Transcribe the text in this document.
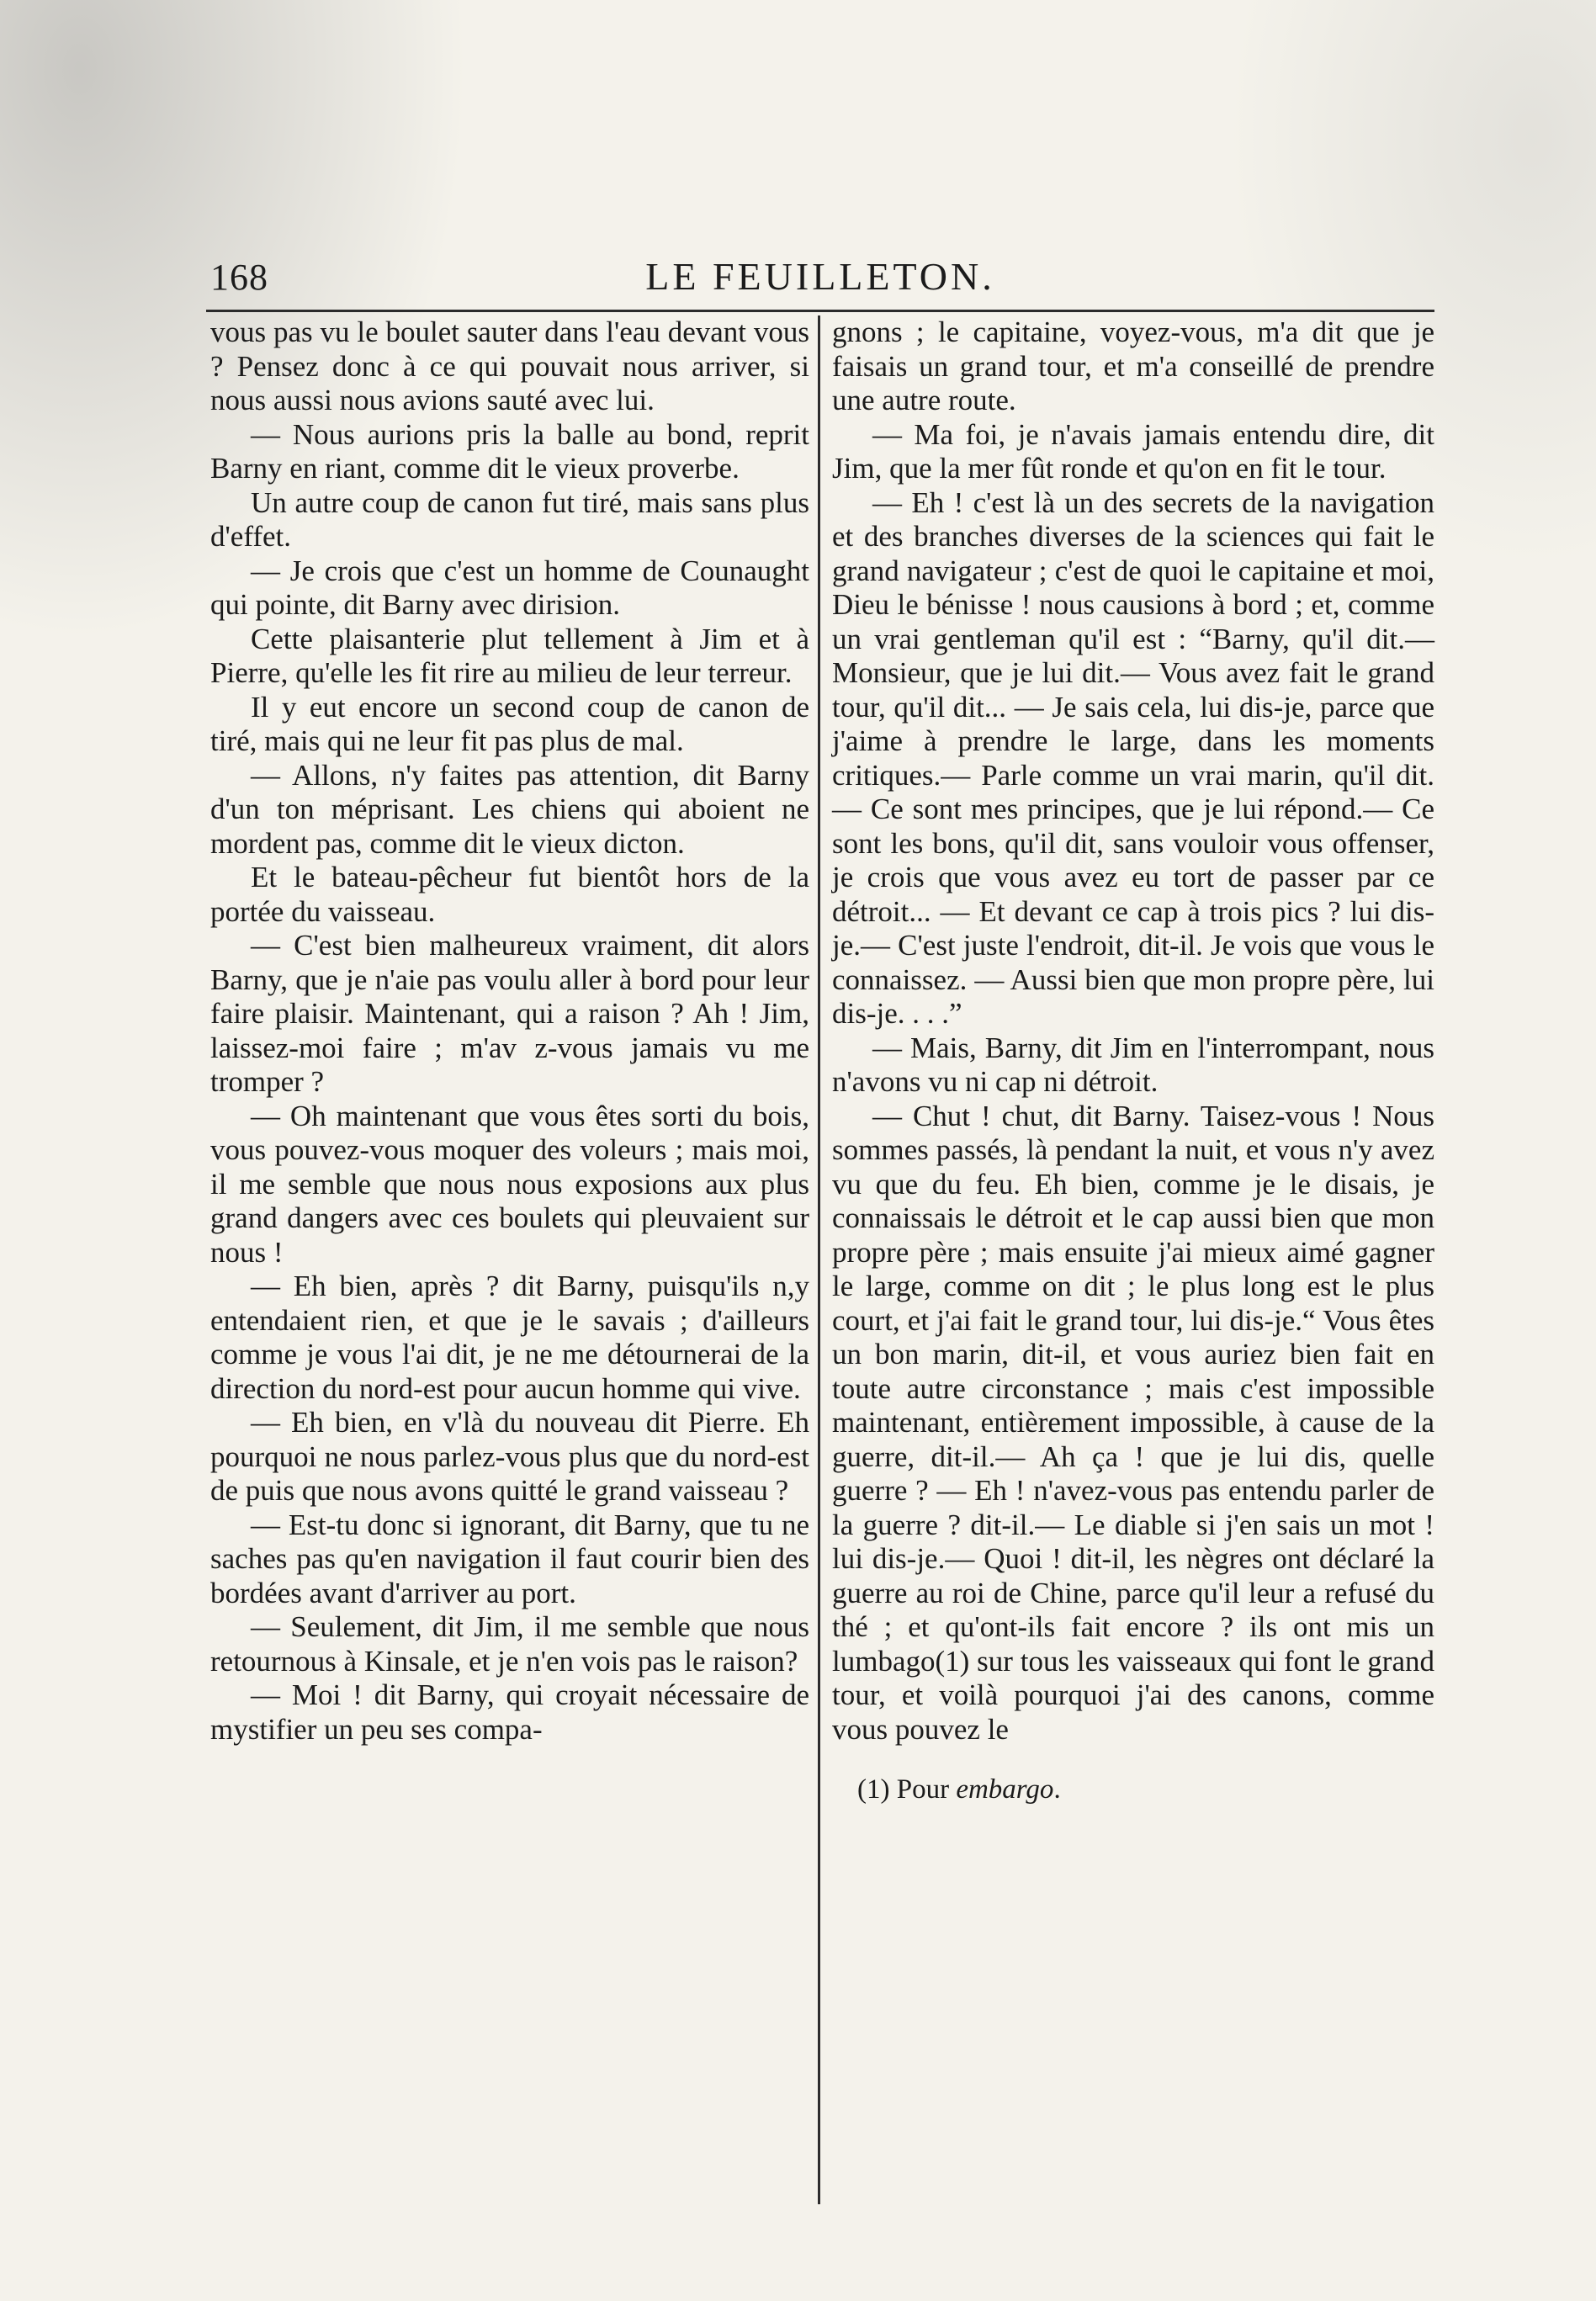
168	LE FEUILLETON.

vous pas vu le boulet sauter dans l'eau devant vous ? Pensez donc à ce qui pouvait nous arriver, si nous aussi nous avions sauté avec lui.

— Nous aurions pris la balle au bond, reprit Barny en riant, comme dit le vieux proverbe.

Un autre coup de canon fut tiré, mais sans plus d'effet.

— Je crois que c'est un homme de Counaught qui pointe, dit Barny avec dirision.

Cette plaisanterie plut tellement à Jim et à Pierre, qu'elle les fit rire au milieu de leur terreur.

Il y eut encore un second coup de canon de tiré, mais qui ne leur fit pas plus de mal.

— Allons, n'y faites pas attention, dit Barny d'un ton méprisant. Les chiens qui aboient ne mordent pas, comme dit le vieux dicton.

Et le bateau-pêcheur fut bientôt hors de la portée du vaisseau.

— C'est bien malheureux vraiment, dit alors Barny, que je n'aie pas voulu aller à bord pour leur faire plaisir. Maintenant, qui a raison ? Ah ! Jim, laissez-moi faire ; m'av z-vous jamais vu me tromper ?

— Oh maintenant que vous êtes sorti du bois, vous pouvez-vous moquer des voleurs ; mais moi, il me semble que nous nous exposions aux plus grand dangers avec ces boulets qui pleuvaient sur nous !

— Eh bien, après ? dit Barny, puisqu'ils n,y entendaient rien, et que je le savais ; d'ailleurs comme je vous l'ai dit, je ne me détournerai de la direction du nord-est pour aucun homme qui vive.

— Eh bien, en v'là du nouveau dit Pierre. Eh pourquoi ne nous parlez-vous plus que du nord-est de puis que nous avons quitté le grand vaisseau ?

— Est-tu donc si ignorant, dit Barny, que tu ne saches pas qu'en navigation il faut courir bien des bordées avant d'arriver au port.

— Seulement, dit Jim, il me semble que nous retournous à Kinsale, et je n'en vois pas le raison?

— Moi ! dit Barny, qui croyait nécessaire de mystifier un peu ses compa-

gnons ; le capitaine, voyez-vous, m'a dit que je faisais un grand tour, et m'a conseillé de prendre une autre route.

— Ma foi, je n'avais jamais entendu dire, dit Jim, que la mer fût ronde et qu'on en fit le tour.

— Eh ! c'est là un des secrets de la navigation et des branches diverses de la sciences qui fait le grand navigateur ; c'est de quoi le capitaine et moi, Dieu le bénisse ! nous causions à bord ; et, comme un vrai gentleman qu'il est : “Barny, qu'il dit.— Monsieur, que je lui dit.— Vous avez fait le grand tour, qu'il dit... — Je sais cela, lui dis-je, parce que j'aime à prendre le large, dans les moments critiques.— Parle comme un vrai marin, qu'il dit.— Ce sont mes principes, que je lui répond.— Ce sont les bons, qu'il dit, sans vouloir vous offenser, je crois que vous avez eu tort de passer par ce détroit... — Et devant ce cap à trois pics ? lui dis-je.— C'est juste l'endroit, dit-il. Je vois que vous le connaissez. — Aussi bien que mon propre père, lui dis-je. . . .”

— Mais, Barny, dit Jim en l'interrompant, nous n'avons vu ni cap ni détroit.

— Chut ! chut, dit Barny. Taisez-vous ! Nous sommes passés, là pendant la nuit, et vous n'y avez vu que du feu. Eh bien, comme je le disais, je connaissais le détroit et le cap aussi bien que mon propre père ; mais ensuite j'ai mieux aimé gagner le large, comme on dit ; le plus long est le plus court, et j'ai fait le grand tour, lui dis-je.“ Vous êtes un bon marin, dit-il, et vous auriez bien fait en toute autre circonstance ; mais c'est impossible maintenant, entièrement impossible, à cause de la guerre, dit-il.— Ah ça ! que je lui dis, quelle guerre ? — Eh ! n'avez-vous pas entendu parler de la guerre ? dit-il.— Le diable si j'en sais un mot ! lui dis-je.— Quoi ! dit-il, les nègres ont déclaré la guerre au roi de Chine, parce qu'il leur a refusé du thé ; et qu'ont-ils fait encore ? ils ont mis un lumbago(1) sur tous les vaisseaux qui font le grand tour, et voilà pourquoi j'ai des canons, comme vous pouvez le

(1) Pour embargo.
